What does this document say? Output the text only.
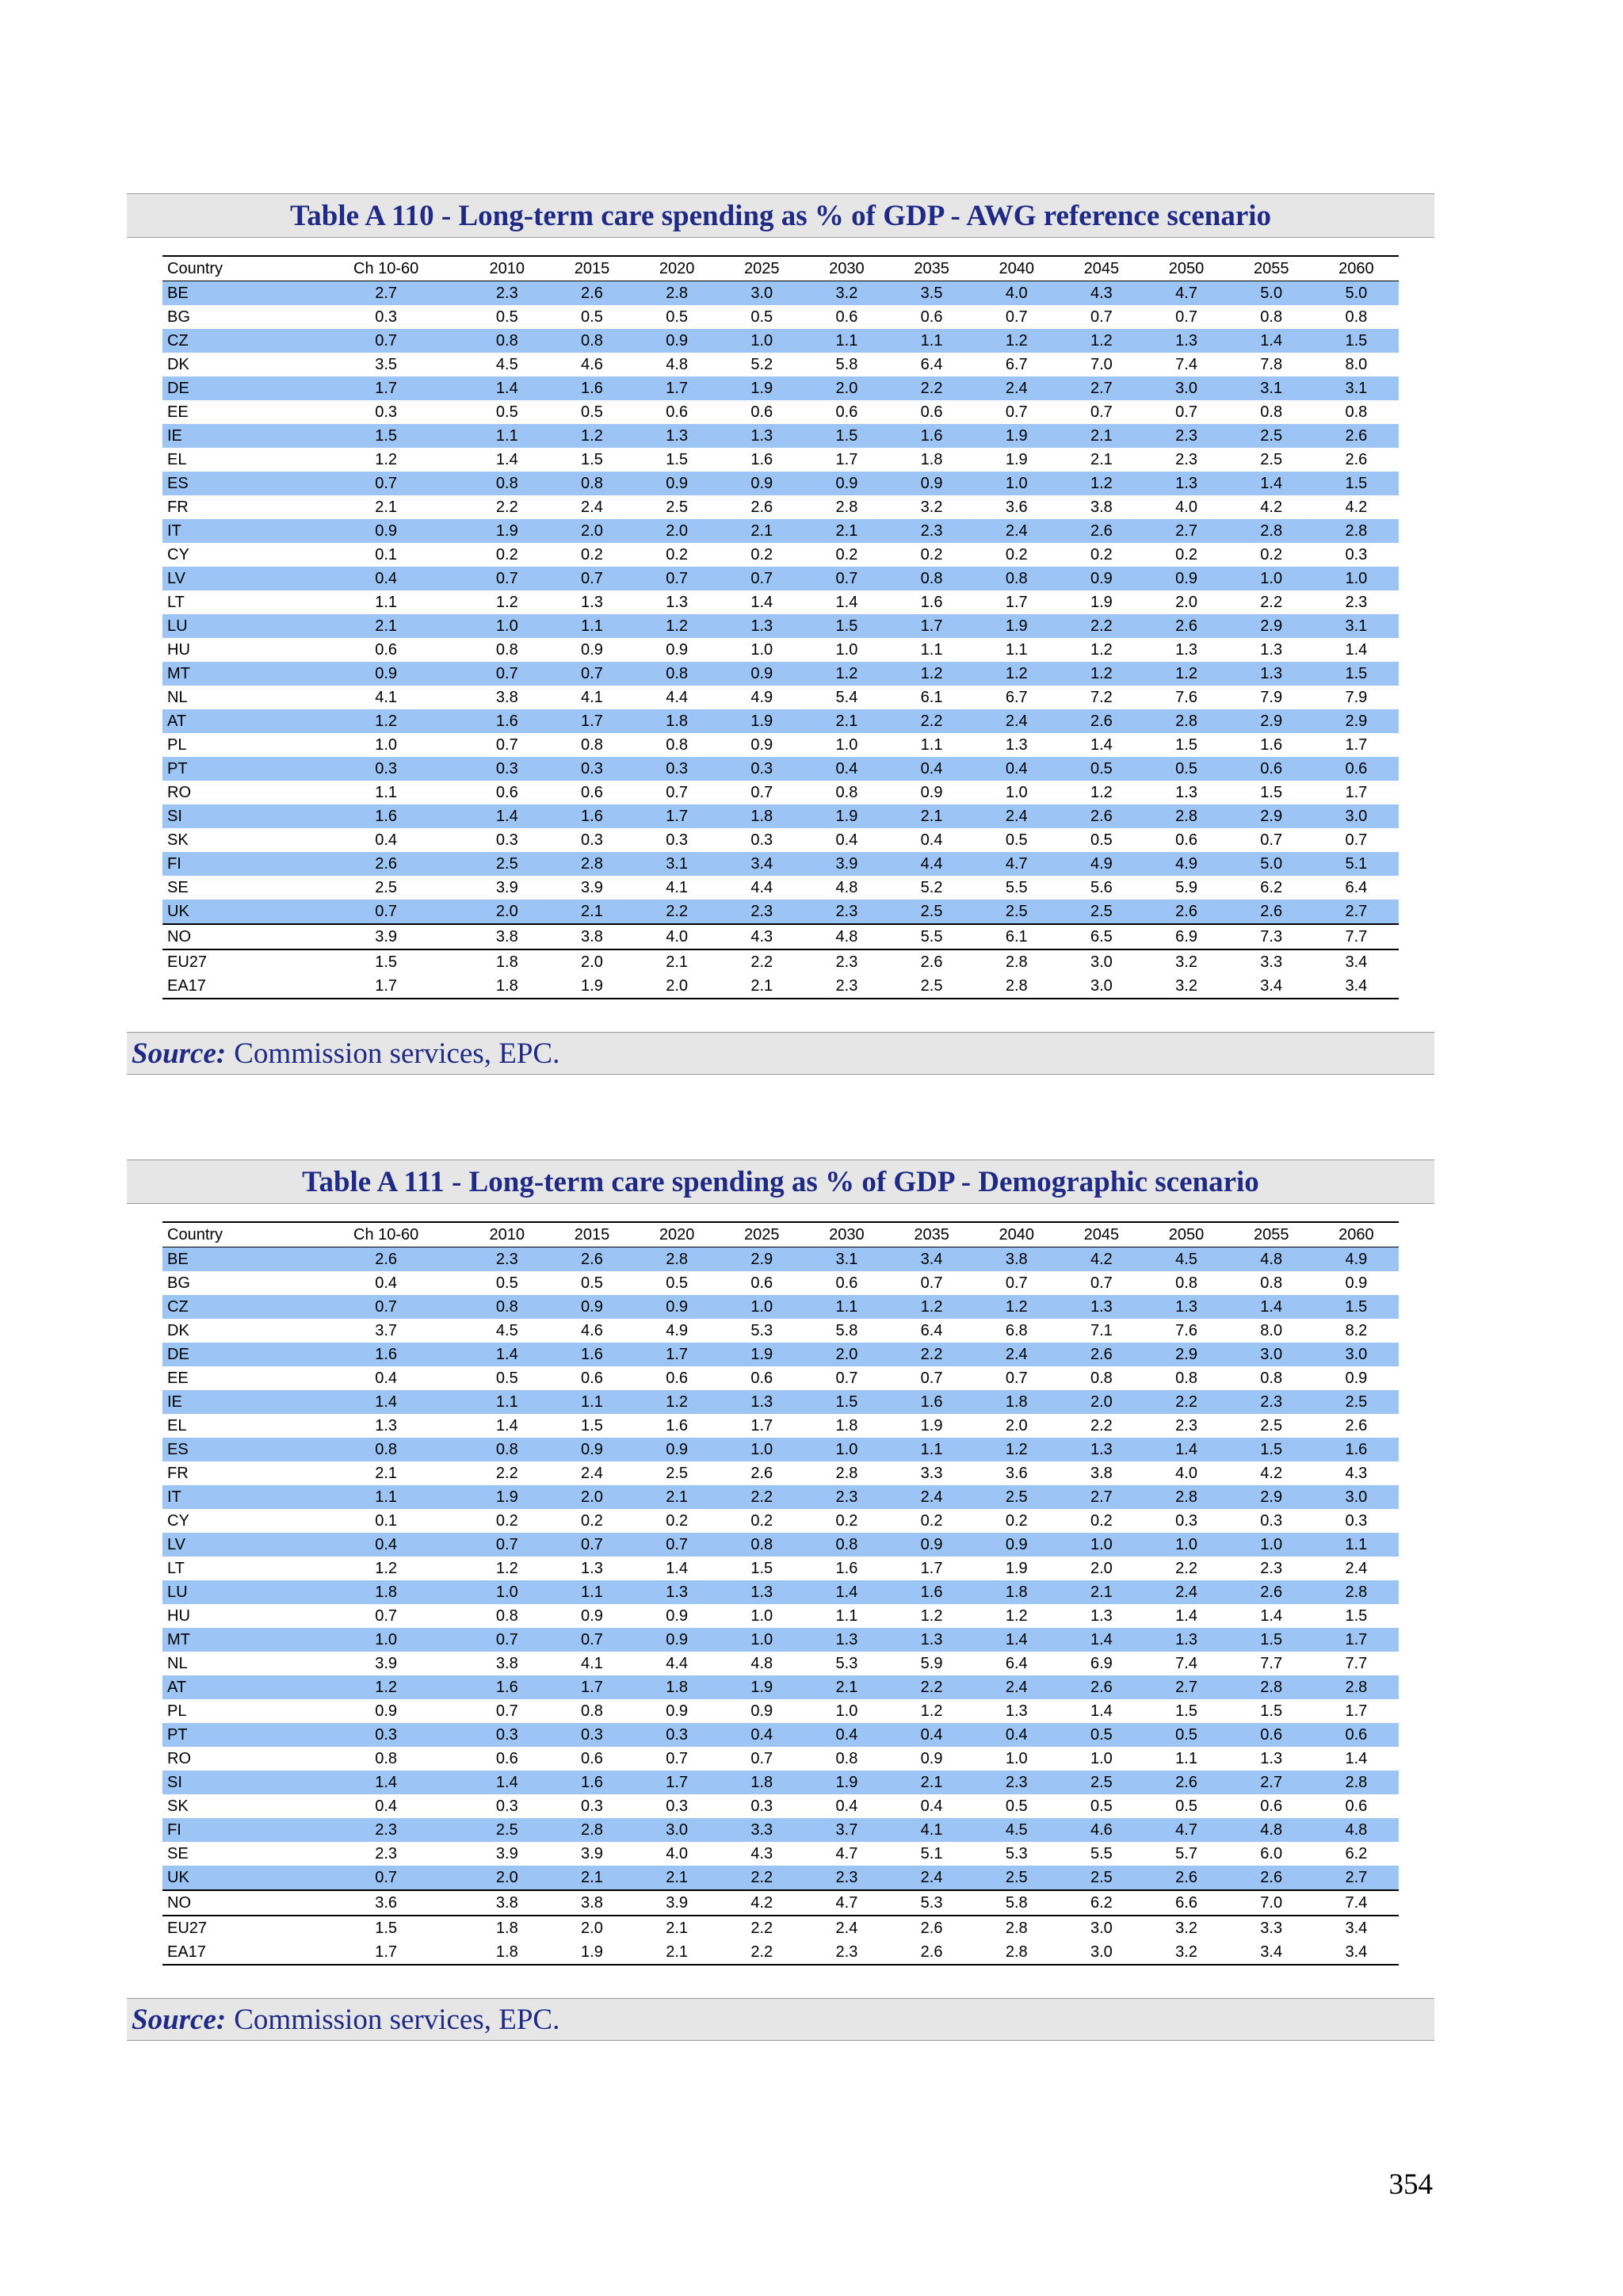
Table A 110 - Long-term care spending as % of GDP - AWG reference scenario
Country	Ch 10-60	2010	2015	2020	2025	2030	2035	2040	2045	2050	2055	2060
BE	2.7	2.3	2.6	2.8	3.0	3.2	3.5	4.0	4.3	4.7	5.0	5.0
BG	0.3	0.5	0.5	0.5	0.5	0.6	0.6	0.7	0.7	0.7	0.8	0.8
CZ	0.7	0.8	0.8	0.9	1.0	1.1	1.1	1.2	1.2	1.3	1.4	1.5
DK	3.5	4.5	4.6	4.8	5.2	5.8	6.4	6.7	7.0	7.4	7.8	8.0
DE	1.7	1.4	1.6	1.7	1.9	2.0	2.2	2.4	2.7	3.0	3.1	3.1
EE	0.3	0.5	0.5	0.6	0.6	0.6	0.6	0.7	0.7	0.7	0.8	0.8
IE	1.5	1.1	1.2	1.3	1.3	1.5	1.6	1.9	2.1	2.3	2.5	2.6
EL	1.2	1.4	1.5	1.5	1.6	1.7	1.8	1.9	2.1	2.3	2.5	2.6
ES	0.7	0.8	0.8	0.9	0.9	0.9	0.9	1.0	1.2	1.3	1.4	1.5
FR	2.1	2.2	2.4	2.5	2.6	2.8	3.2	3.6	3.8	4.0	4.2	4.2
IT	0.9	1.9	2.0	2.0	2.1	2.1	2.3	2.4	2.6	2.7	2.8	2.8
CY	0.1	0.2	0.2	0.2	0.2	0.2	0.2	0.2	0.2	0.2	0.2	0.3
LV	0.4	0.7	0.7	0.7	0.7	0.7	0.8	0.8	0.9	0.9	1.0	1.0
LT	1.1	1.2	1.3	1.3	1.4	1.4	1.6	1.7	1.9	2.0	2.2	2.3
LU	2.1	1.0	1.1	1.2	1.3	1.5	1.7	1.9	2.2	2.6	2.9	3.1
HU	0.6	0.8	0.9	0.9	1.0	1.0	1.1	1.1	1.2	1.3	1.3	1.4
MT	0.9	0.7	0.7	0.8	0.9	1.2	1.2	1.2	1.2	1.2	1.3	1.5
NL	4.1	3.8	4.1	4.4	4.9	5.4	6.1	6.7	7.2	7.6	7.9	7.9
AT	1.2	1.6	1.7	1.8	1.9	2.1	2.2	2.4	2.6	2.8	2.9	2.9
PL	1.0	0.7	0.8	0.8	0.9	1.0	1.1	1.3	1.4	1.5	1.6	1.7
PT	0.3	0.3	0.3	0.3	0.3	0.4	0.4	0.4	0.5	0.5	0.6	0.6
RO	1.1	0.6	0.6	0.7	0.7	0.8	0.9	1.0	1.2	1.3	1.5	1.7
SI	1.6	1.4	1.6	1.7	1.8	1.9	2.1	2.4	2.6	2.8	2.9	3.0
SK	0.4	0.3	0.3	0.3	0.3	0.4	0.4	0.5	0.5	0.6	0.7	0.7
FI	2.6	2.5	2.8	3.1	3.4	3.9	4.4	4.7	4.9	4.9	5.0	5.1
SE	2.5	3.9	3.9	4.1	4.4	4.8	5.2	5.5	5.6	5.9	6.2	6.4
UK	0.7	2.0	2.1	2.2	2.3	2.3	2.5	2.5	2.5	2.6	2.6	2.7
NO	3.9	3.8	3.8	4.0	4.3	4.8	5.5	6.1	6.5	6.9	7.3	7.7
EU27	1.5	1.8	2.0	2.1	2.2	2.3	2.6	2.8	3.0	3.2	3.3	3.4
EA17	1.7	1.8	1.9	2.0	2.1	2.3	2.5	2.8	3.0	3.2	3.4	3.4
Source: Commission services, EPC.
Table A 111 - Long-term care spending as % of GDP - Demographic scenario
Country	Ch 10-60	2010	2015	2020	2025	2030	2035	2040	2045	2050	2055	2060
BE	2.6	2.3	2.6	2.8	2.9	3.1	3.4	3.8	4.2	4.5	4.8	4.9
BG	0.4	0.5	0.5	0.5	0.6	0.6	0.7	0.7	0.7	0.8	0.8	0.9
CZ	0.7	0.8	0.9	0.9	1.0	1.1	1.2	1.2	1.3	1.3	1.4	1.5
DK	3.7	4.5	4.6	4.9	5.3	5.8	6.4	6.8	7.1	7.6	8.0	8.2
DE	1.6	1.4	1.6	1.7	1.9	2.0	2.2	2.4	2.6	2.9	3.0	3.0
EE	0.4	0.5	0.6	0.6	0.6	0.7	0.7	0.7	0.8	0.8	0.8	0.9
IE	1.4	1.1	1.1	1.2	1.3	1.5	1.6	1.8	2.0	2.2	2.3	2.5
EL	1.3	1.4	1.5	1.6	1.7	1.8	1.9	2.0	2.2	2.3	2.5	2.6
ES	0.8	0.8	0.9	0.9	1.0	1.0	1.1	1.2	1.3	1.4	1.5	1.6
FR	2.1	2.2	2.4	2.5	2.6	2.8	3.3	3.6	3.8	4.0	4.2	4.3
IT	1.1	1.9	2.0	2.1	2.2	2.3	2.4	2.5	2.7	2.8	2.9	3.0
CY	0.1	0.2	0.2	0.2	0.2	0.2	0.2	0.2	0.2	0.3	0.3	0.3
LV	0.4	0.7	0.7	0.7	0.8	0.8	0.9	0.9	1.0	1.0	1.0	1.1
LT	1.2	1.2	1.3	1.4	1.5	1.6	1.7	1.9	2.0	2.2	2.3	2.4
LU	1.8	1.0	1.1	1.3	1.3	1.4	1.6	1.8	2.1	2.4	2.6	2.8
HU	0.7	0.8	0.9	0.9	1.0	1.1	1.2	1.2	1.3	1.4	1.4	1.5
MT	1.0	0.7	0.7	0.9	1.0	1.3	1.3	1.4	1.4	1.3	1.5	1.7
NL	3.9	3.8	4.1	4.4	4.8	5.3	5.9	6.4	6.9	7.4	7.7	7.7
AT	1.2	1.6	1.7	1.8	1.9	2.1	2.2	2.4	2.6	2.7	2.8	2.8
PL	0.9	0.7	0.8	0.9	0.9	1.0	1.2	1.3	1.4	1.5	1.5	1.7
PT	0.3	0.3	0.3	0.3	0.4	0.4	0.4	0.4	0.5	0.5	0.6	0.6
RO	0.8	0.6	0.6	0.7	0.7	0.8	0.9	1.0	1.0	1.1	1.3	1.4
SI	1.4	1.4	1.6	1.7	1.8	1.9	2.1	2.3	2.5	2.6	2.7	2.8
SK	0.4	0.3	0.3	0.3	0.3	0.4	0.4	0.5	0.5	0.5	0.6	0.6
FI	2.3	2.5	2.8	3.0	3.3	3.7	4.1	4.5	4.6	4.7	4.8	4.8
SE	2.3	3.9	3.9	4.0	4.3	4.7	5.1	5.3	5.5	5.7	6.0	6.2
UK	0.7	2.0	2.1	2.1	2.2	2.3	2.4	2.5	2.5	2.6	2.6	2.7
NO	3.6	3.8	3.8	3.9	4.2	4.7	5.3	5.8	6.2	6.6	7.0	7.4
EU27	1.5	1.8	2.0	2.1	2.2	2.4	2.6	2.8	3.0	3.2	3.3	3.4
EA17	1.7	1.8	1.9	2.1	2.2	2.3	2.6	2.8	3.0	3.2	3.4	3.4
Source: Commission services, EPC.
354
